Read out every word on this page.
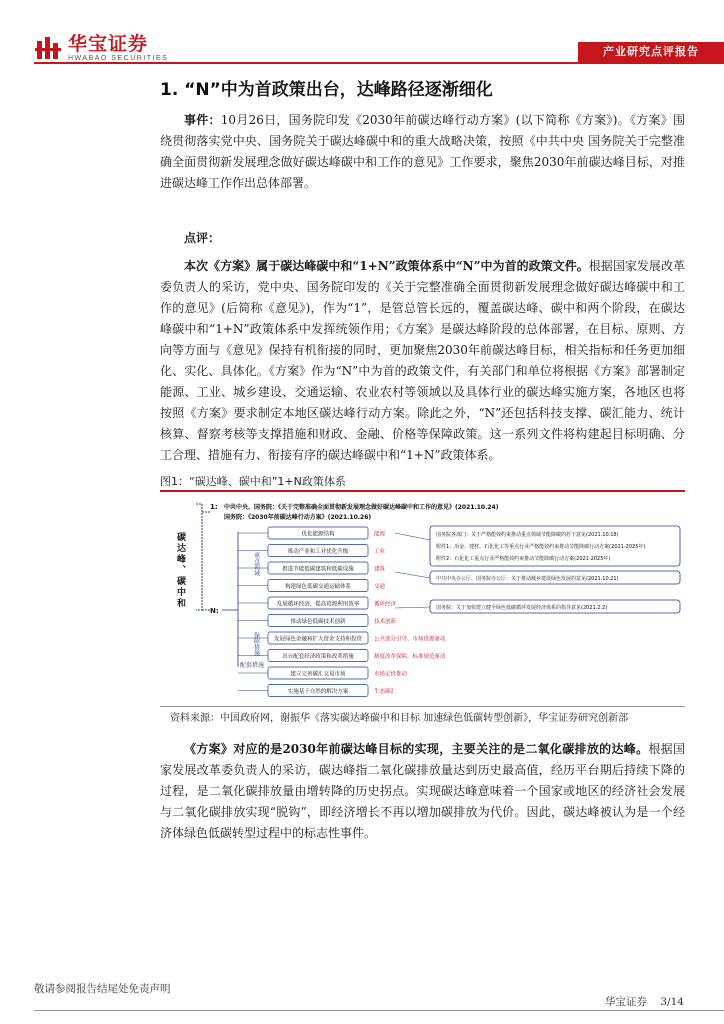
华宝证券
HWABAO SECURITIES
产业研究点评报告
1. “N”中为首政策出台，达峰路径逐渐细化
事件：10月26日，国务院印发《2030年前碳达峰行动方案》(以下简称《方案》)。《方案》围绕贯彻落实党中央、国务院关于碳达峰碳中和的重大战略决策，按照《中共中央 国务院关于完整准确全面贯彻新发展理念做好碳达峰碳中和工作的意见》工作要求，聚焦2030年前碳达峰目标，对推进碳达峰工作作出总体部署。
点评：
本次《方案》属于碳达峰碳中和“1+N”政策体系中“N”中为首的政策文件。根据国家发展改革委负责人的采访，党中央、国务院印发的《关于完整准确全面贯彻新发展理念做好碳达峰碳中和工作的意见》(后简称《意见》)，作为“1”，是管总管长远的，覆盖碳达峰、碳中和两个阶段，在碳达峰碳中和“1+N”政策体系中发挥统领作用；《方案》是碳达峰阶段的总体部署，在目标、原则、方向等方面与《意见》保持有机衔接的同时，更加聚焦2030年前碳达峰目标，相关指标和任务更加细化、实化、具体化。《方案》作为“N”中为首的政策文件，有关部门和单位将根据《方案》部署制定能源、工业、城乡建设、交通运输、农业农村等领域以及具体行业的碳达峰实施方案，各地区也将按照《方案》要求制定本地区碳达峰行动方案。除此之外，“N”还包括科技支撑、碳汇能力、统计核算、督察考核等支撑措施和财政、金融、价格等保障政策。这一系列文件将构建起目标明确、分工合理、措施有力、衔接有序的碳达峰碳中和“1+N”政策体系。
图1：“碳达峰、碳中和”1+N政策体系
碳达峰、碳中和
1: 中共中央、国务院：《关于完整准确全面贯彻新发展理念做好碳达峰碳中和工作的意见》(2021.10.24)
国务院：《2030年前碳达峰行动方案》(2021.10.26)
N:
重点领域
保障措施
配套措施
优化能源结构
推动产业和工业优化升级
推进节能低碳建筑和低碳设施
构建绿色低碳交通运输体系
发展循环经济，提高资源利用效率
推动绿色低碳技术创新
发展绿色金融和扩大资金支持和投资
出台配套经济政策和改革措施
建立完善碳汇交易市场
实施基于自然的解决方案
能源
工业
建筑
交通
循环经济
技术创新
公共部分引导、市场资源驱动
制度改革保障、标准规范驱动
市场定价推动
生态碳汇
国务院各部门：关于严格能效约束推动重点领域节能降碳的若干意见(2021.10.18)
附件1：冶金、建材、石化化工等重点行业严格能效约束推动节能降碳行动方案(2021-2025年)
附件2：石化化工重点行业严格能效约束推动节能降碳行动方案(2021-2025年)
中共中央办公厅、国务院办公厅：关于推动城乡建设绿色发展的意见(2021.10.21)
国务院：关于加快建立健全绿色低碳循环发展经济体系的指导意见(2021.2.2)
资料来源：中国政府网，谢振华《落实碳达峰碳中和目标 加速绿色低碳转型创新》，华宝证券研究创新部
《方案》对应的是2030年前碳达峰目标的实现，主要关注的是二氧化碳排放的达峰。根据国家发展改革委负责人的采访，碳达峰指二氧化碳排放量达到历史最高值，经历平台期后持续下降的过程，是二氧化碳排放量由增转降的历史拐点。实现碳达峰意味着一个国家或地区的经济社会发展与二氧化碳排放实现“脱钩”，即经济增长不再以增加碳排放为代价。因此，碳达峰被认为是一个经济体绿色低碳转型过程中的标志性事件。
敬请参阅报告结尾处免责声明
华宝证券 3/14
